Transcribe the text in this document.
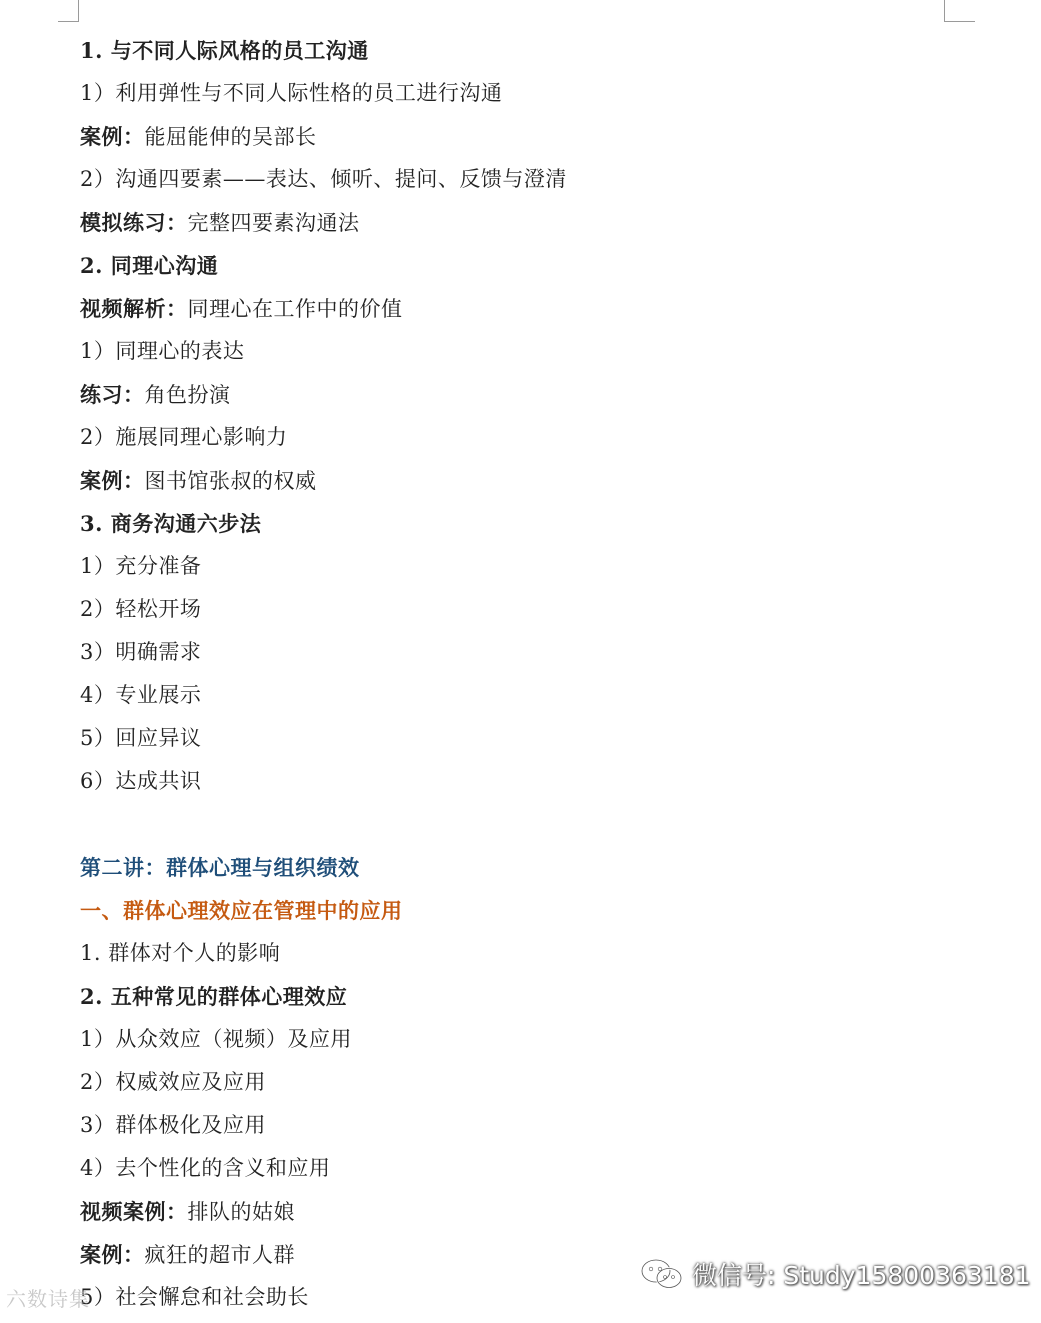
1. 与不同人际风格的员工沟通
1）利用弹性与不同人际性格的员工进行沟通
案例：能屈能伸的吴部长
2）沟通四要素——表达、倾听、提问、反馈与澄清
模拟练习：完整四要素沟通法
2. 同理心沟通
视频解析：同理心在工作中的价值
1）同理心的表达
练习：角色扮演
2）施展同理心影响力
案例：图书馆张叔的权威
3. 商务沟通六步法
1）充分准备
2）轻松开场
3）明确需求
4）专业展示
5）回应异议
6）达成共识
第二讲：群体心理与组织绩效
一、群体心理效应在管理中的应用
1. 群体对个人的影响
2. 五种常见的群体心理效应
1）从众效应（视频）及应用
2）权威效应及应用
3）群体极化及应用
4）去个性化的含义和应用
视频案例：排队的姑娘
案例：疯狂的超市人群
5）社会懈怠和社会助长
六数诗集
微信号: Study15800363181
